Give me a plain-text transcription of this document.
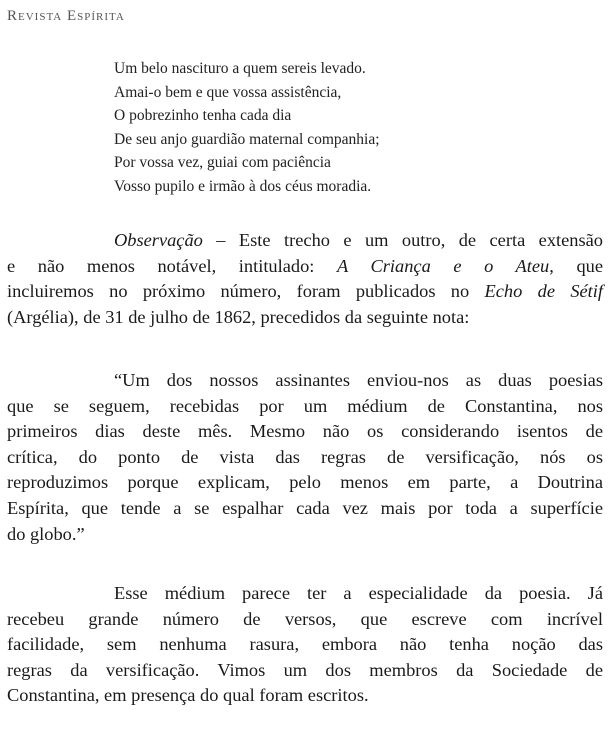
Revista Espírita
Um belo nascituro a quem sereis levado.
Amai-o bem e que vossa assistência,
O pobrezinho tenha cada dia
De seu anjo guardião maternal companhia;
Por vossa vez, guiai com paciência
Vosso pupilo e irmão à dos céus moradia.
Observação – Este trecho e um outro, de certa extensão
e não menos notável, intitulado: A Criança e o Ateu, que
incluiremos no próximo número, foram publicados no Echo de Sétif
(Argélia), de 31 de julho de 1862, precedidos da seguinte nota:
“Um dos nossos assinantes enviou-nos as duas poesias
que se seguem, recebidas por um médium de Constantina, nos
primeiros dias deste mês. Mesmo não os considerando isentos de
crítica, do ponto de vista das regras de versificação, nós os
reproduzimos porque explicam, pelo menos em parte, a Doutrina
Espírita, que tende a se espalhar cada vez mais por toda a superfície
do globo.”
Esse médium parece ter a especialidade da poesia. Já
recebeu grande número de versos, que escreve com incrível
facilidade, sem nenhuma rasura, embora não tenha noção das
regras da versificação. Vimos um dos membros da Sociedade de
Constantina, em presença do qual foram escritos.
